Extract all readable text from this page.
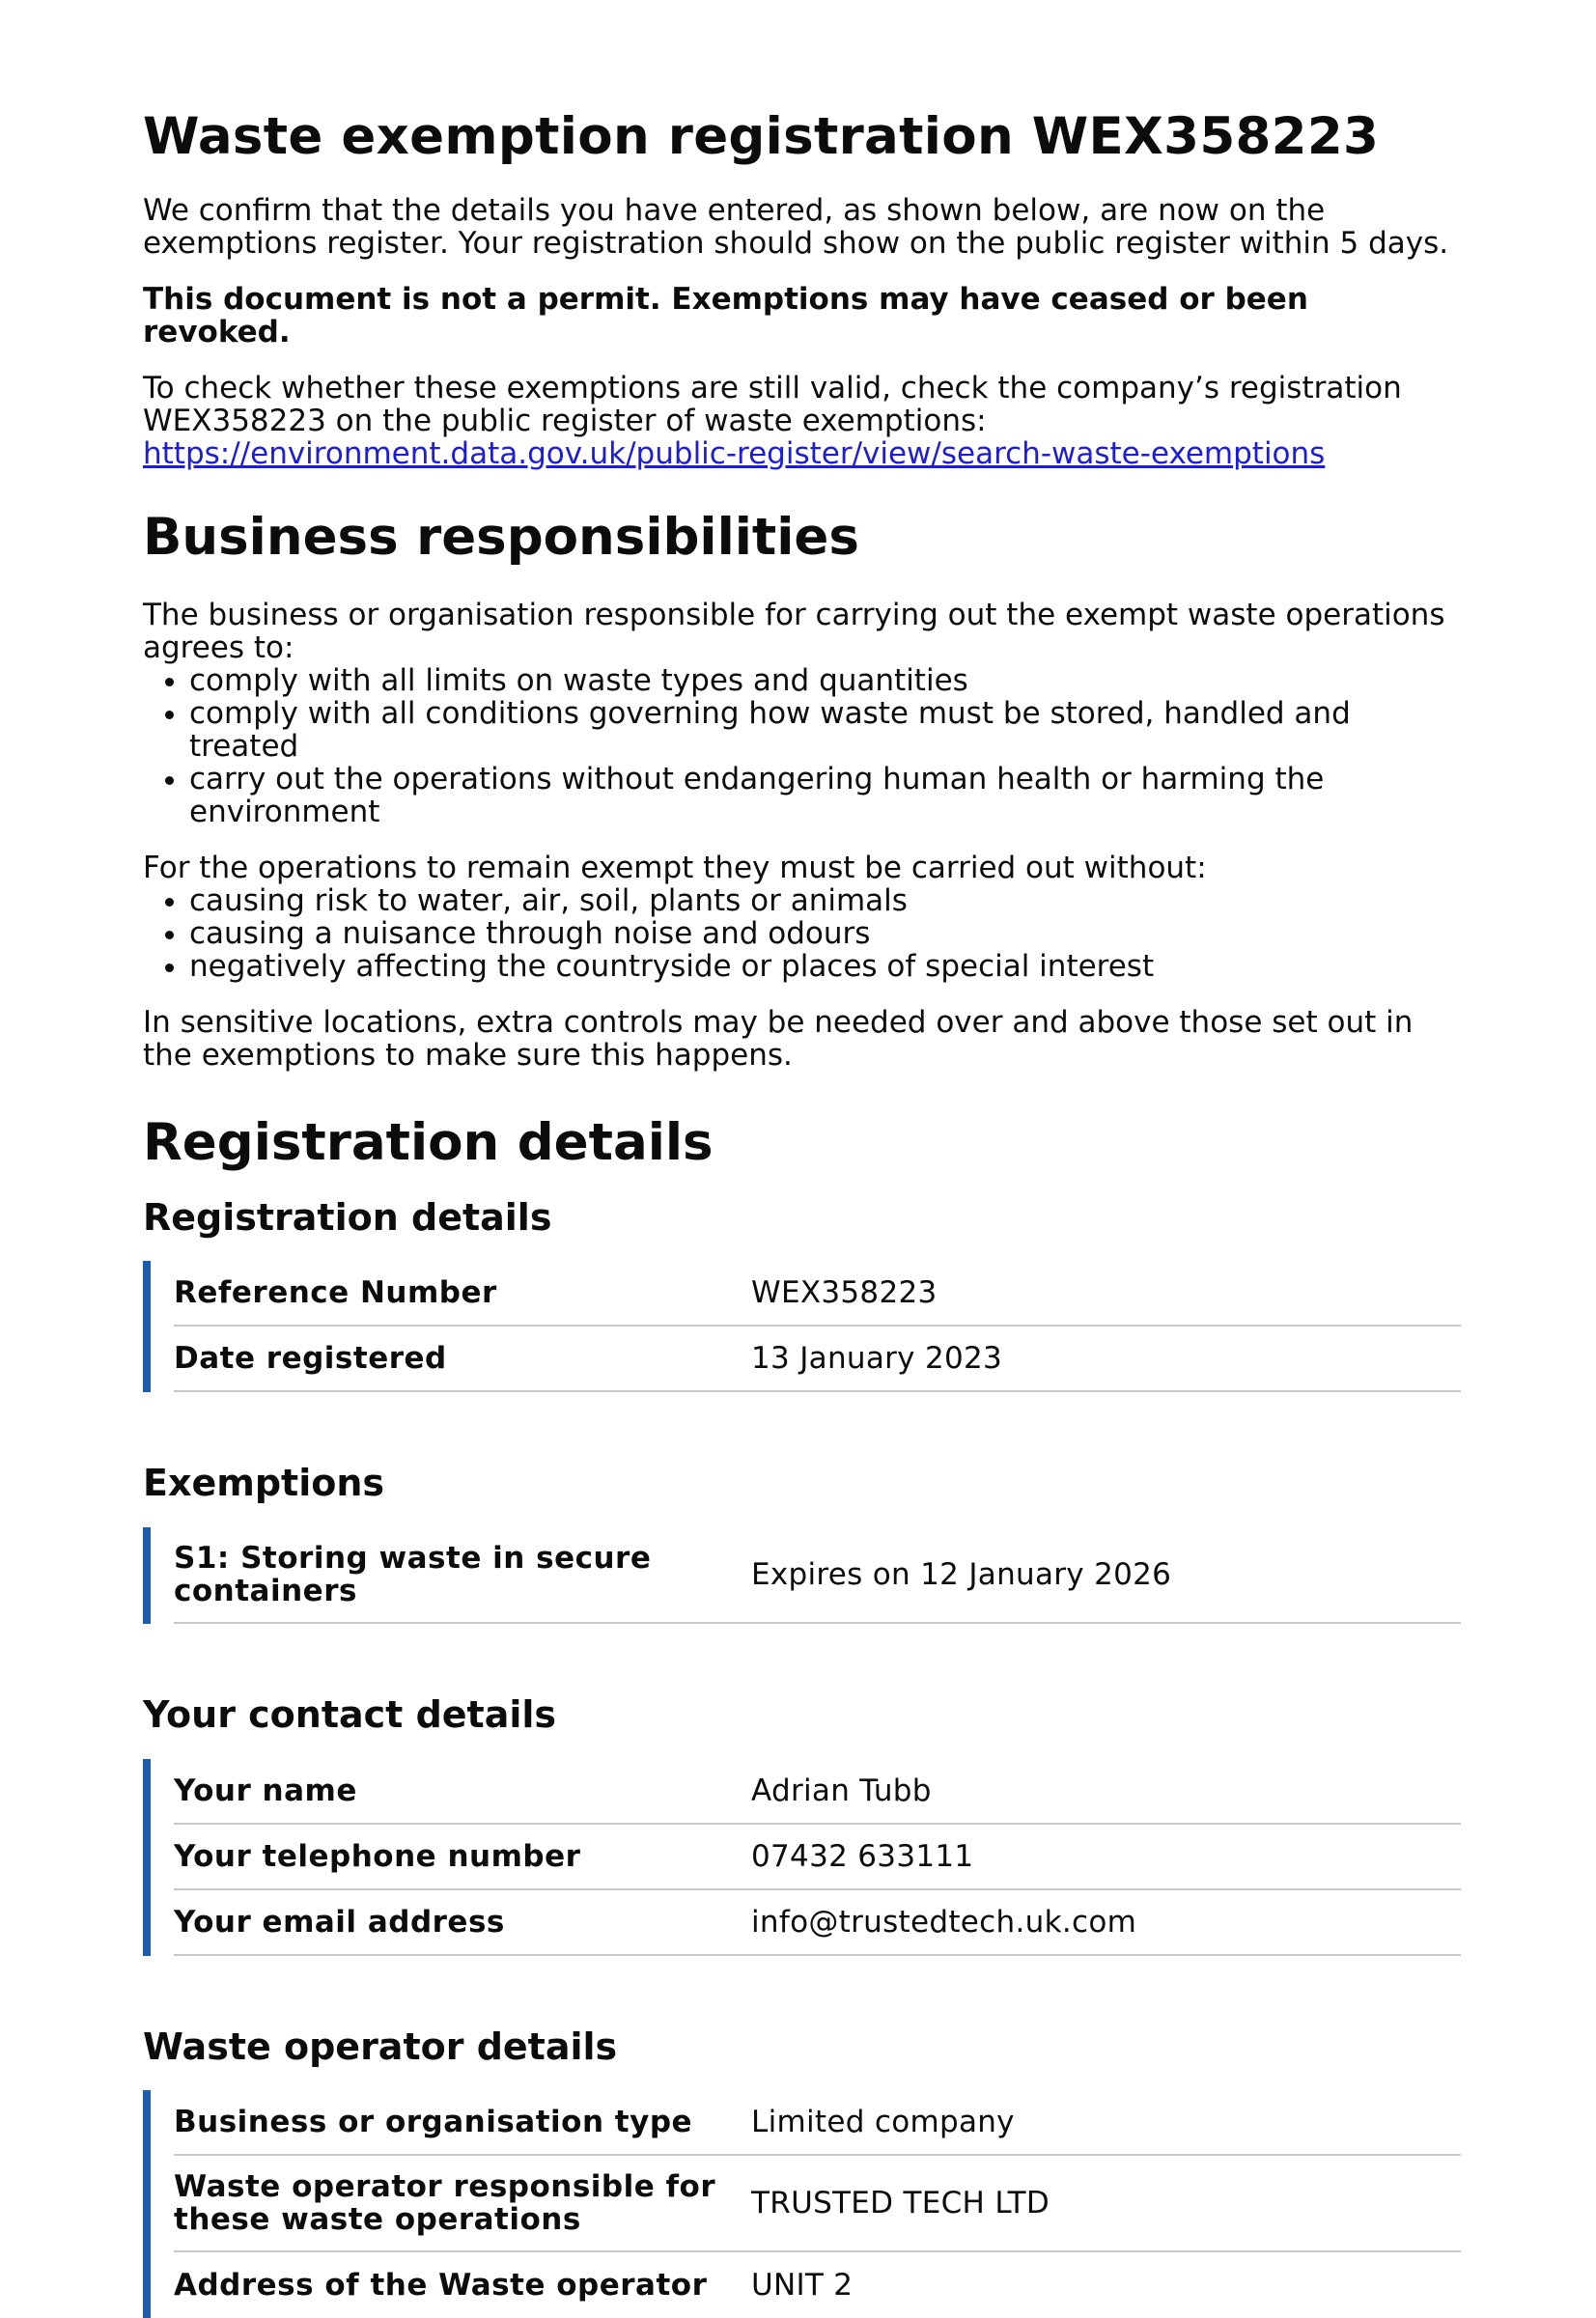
Waste exemption registration WEX358223

We confirm that the details you have entered, as shown below, are now on the exemptions register. Your registration should show on the public register within 5 days.

This document is not a permit. Exemptions may have ceased or been revoked.

To check whether these exemptions are still valid, check the company’s registration WEX358223 on the public register of waste exemptions:
https://environment.data.gov.uk/public-register/view/search-waste-exemptions

Business responsibilities

The business or organisation responsible for carrying out the exempt waste operations agrees to:

• comply with all limits on waste types and quantities
• comply with all conditions governing how waste must be stored, handled and treated
• carry out the operations without endangering human health or harming the environment

For the operations to remain exempt they must be carried out without:

• causing risk to water, air, soil, plants or animals
• causing a nuisance through noise and odours
• negatively affecting the countryside or places of special interest

In sensitive locations, extra controls may be needed over and above those set out in the exemptions to make sure this happens.

Registration details
Registration details
Reference Number	WEX358223
Date registered	13 January 2023
Exemptions
S1: Storing waste in secure containers	Expires on 12 January 2026
Your contact details
Your name	Adrian Tubb
Your telephone number	07432 633111
Your email address	info@trustedtech.uk.com
Waste operator details
Business or organisation type	Limited company
Waste operator responsible for these waste operations	TRUSTED TECH LTD
Address of the Waste operator	UNIT 2
